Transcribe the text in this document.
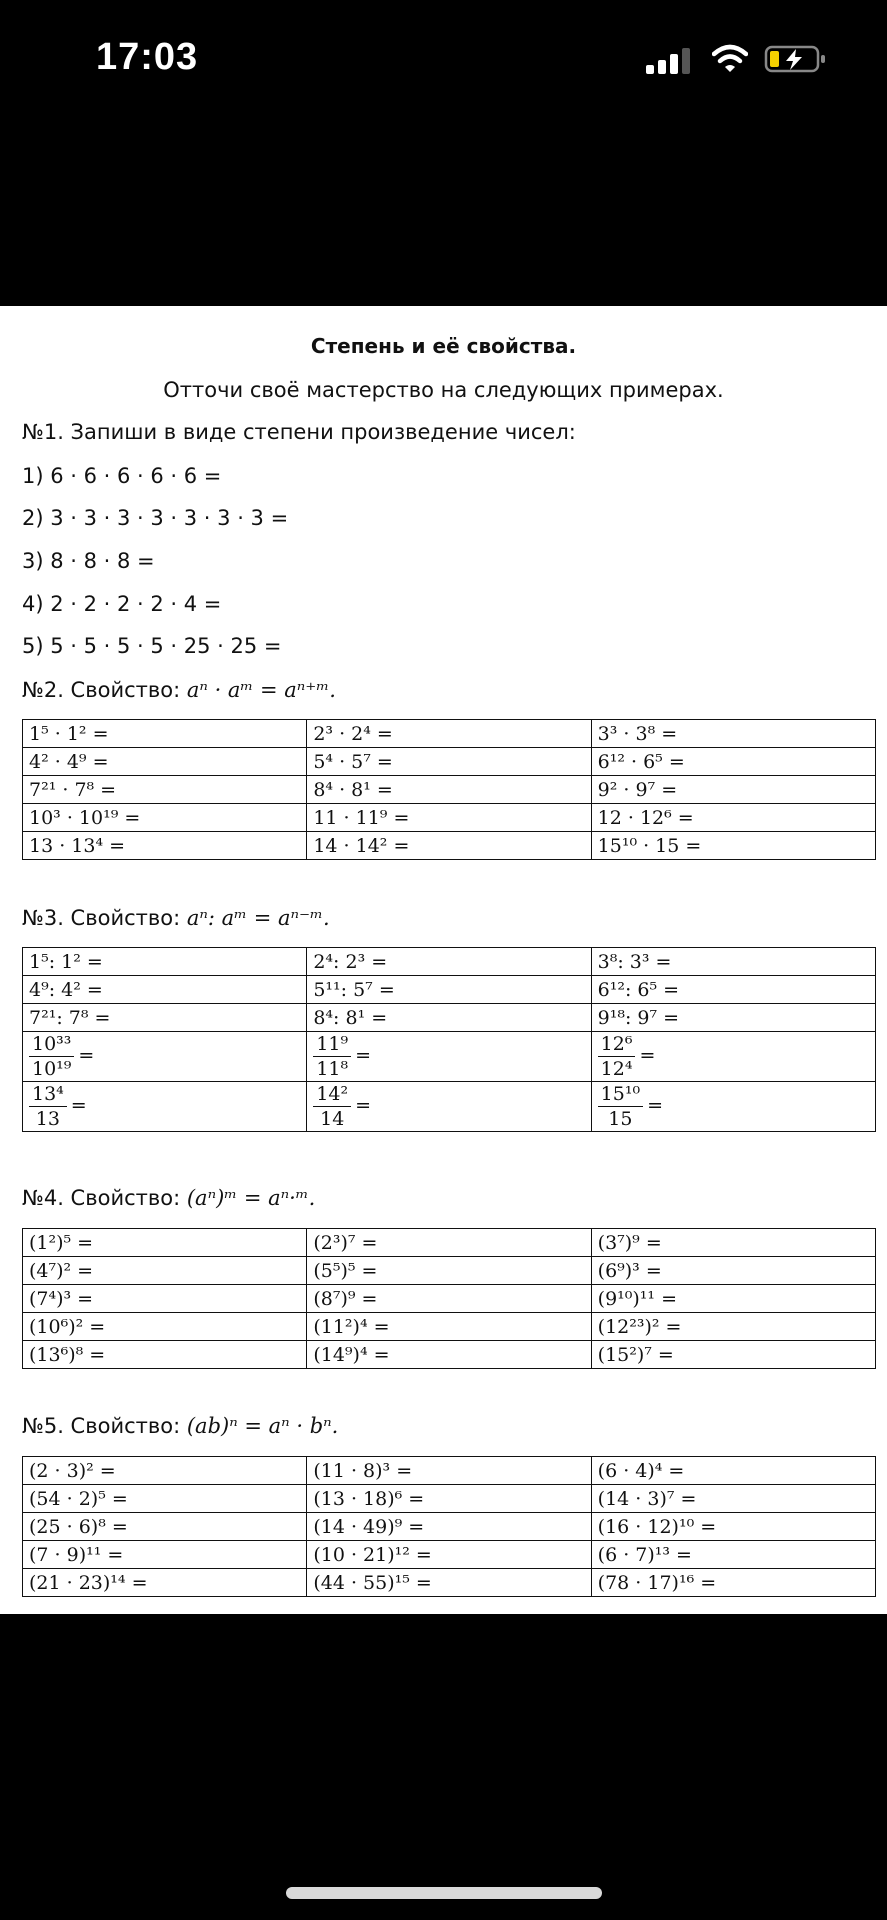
17:03
Степень и её свойства.
Отточи своё мастерство на следующих примерах.
№1. Запиши в виде степени произведение чисел:
1) 6 · 6 · 6 · 6 · 6 =
2) 3 · 3 · 3 · 3 · 3 · 3 · 3 =
3) 8 · 8 · 8 =
4) 2 · 2 · 2 · 2 · 4 =
5) 5 · 5 · 5 · 5 · 25 · 25 =
№2. Свойство: aⁿ · aᵐ = aⁿ⁺ᵐ.
1⁵ · 1² =	2³ · 2⁴ =	3³ · 3⁸ =
4² · 4⁹ =	5⁴ · 5⁷ =	6¹² · 6⁵ =
7²¹ · 7⁸ =	8⁴ · 8¹ =	9² · 9⁷ =
10³ · 10¹⁹ =	11 · 11⁹ =	12 · 12⁶ =
13 · 13⁴ =	14 · 14² =	15¹⁰ · 15 =
№3. Свойство: aⁿ: aᵐ = aⁿ⁻ᵐ.
1⁵: 1² =	2⁴: 2³ =	3⁸: 3³ =
4⁹: 4² =	5¹¹: 5⁷ =	6¹²: 6⁵ =
7²¹: 7⁸ =	8⁴: 8¹ =	9¹⁸: 9⁷ =

$\frac{\text{10³³}}{\text{10¹⁹}}$ =	$\frac{\text{11⁹}}{\text{11⁸}}$ =	$\frac{\text{12⁶}}{\text{12⁴}}$ =

$\frac{\text{13⁴}}{13}$ =	$\frac{\text{14²}}{14}$ =	$\frac{\text{15¹⁰}}{15}$ =
№4. Свойство: (aⁿ)ᵐ = aⁿ·ᵐ.
(1²)⁵ =	(2³)⁷ =	(3⁷)⁹ =
(4⁷)² =	(5⁵)⁵ =	(6⁹)³ =
(7⁴)³ =	(8⁷)⁹ =	(9¹⁰)¹¹ =
(10⁶)² =	(11²)⁴ =	(12²³)² =
(13⁶)⁸ =	(14⁹)⁴ =	(15²)⁷ =
№5. Свойство: (ab)ⁿ = aⁿ · bⁿ.
(2 · 3)² =	(11 · 8)³ =	(6 · 4)⁴ =
(54 · 2)⁵ =	(13 · 18)⁶ =	(14 · 3)⁷ =
(25 · 6)⁸ =	(14 · 49)⁹ =	(16 · 12)¹⁰ =
(7 · 9)¹¹ =	(10 · 21)¹² =	(6 · 7)¹³ =
(21 · 23)¹⁴ =	(44 · 55)¹⁵ =	(78 · 17)¹⁶ =
